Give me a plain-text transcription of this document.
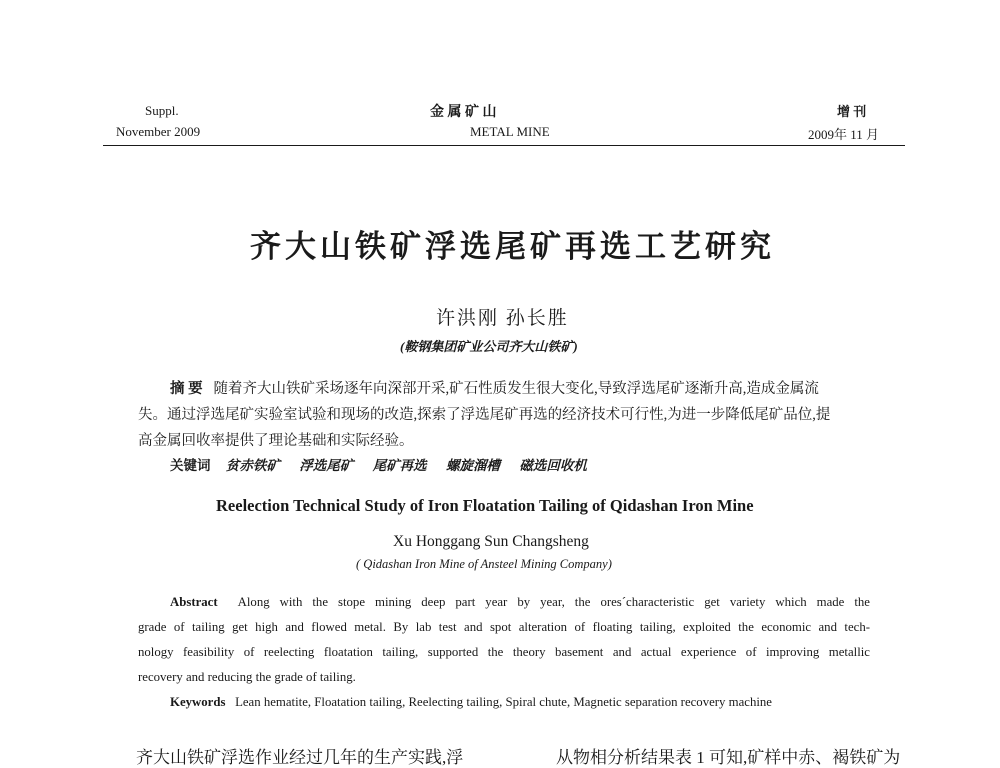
Suppl.
November 2009
金 属 矿 山
METAL MINE
增 刊
2009年 11 月
齐大山铁矿浮选尾矿再选工艺研究
许洪刚 孙长胜
(鞍钢集团矿业公司齐大山铁矿)
摘 要 随着齐大山铁矿采场逐年向深部开采,矿石性质发生很大变化,导致浮选尾矿逐渐升高,造成金属流
失。通过浮选尾矿实验室试验和现场的改造,探索了浮选尾矿再选的经济技术可行性,为进一步降低尾矿品位,提
高金属回收率提供了理论基础和实际经验。
关键词 贫赤铁矿 浮选尾矿 尾矿再选 螺旋溜槽 磁选回收机
Reelection Technical Study of Iron Floatation Tailing of Qidashan Iron Mine
Xu Honggang Sun Changsheng
( Qidashan Iron Mine of Ansteel Mining Company)
Abstract Along with the stope mining deep part year by year, the ores´characteristic get variety which made the
grade of tailing get high and flowed metal. By lab test and spot alteration of floating tailing, exploited the economic and tech-
nology feasibility of reelecting floatation tailing, supported the theory basement and actual experience of improving metallic
recovery and reducing the grade of tailing.
Keywords Lean hematite, Floatation tailing, Reelecting tailing, Spiral chute, Magnetic separation recovery machine
齐大山铁矿浮选作业经过几年的生产实践,浮	从物相分析结果表 1 可知,矿样中赤、褐铁矿为
